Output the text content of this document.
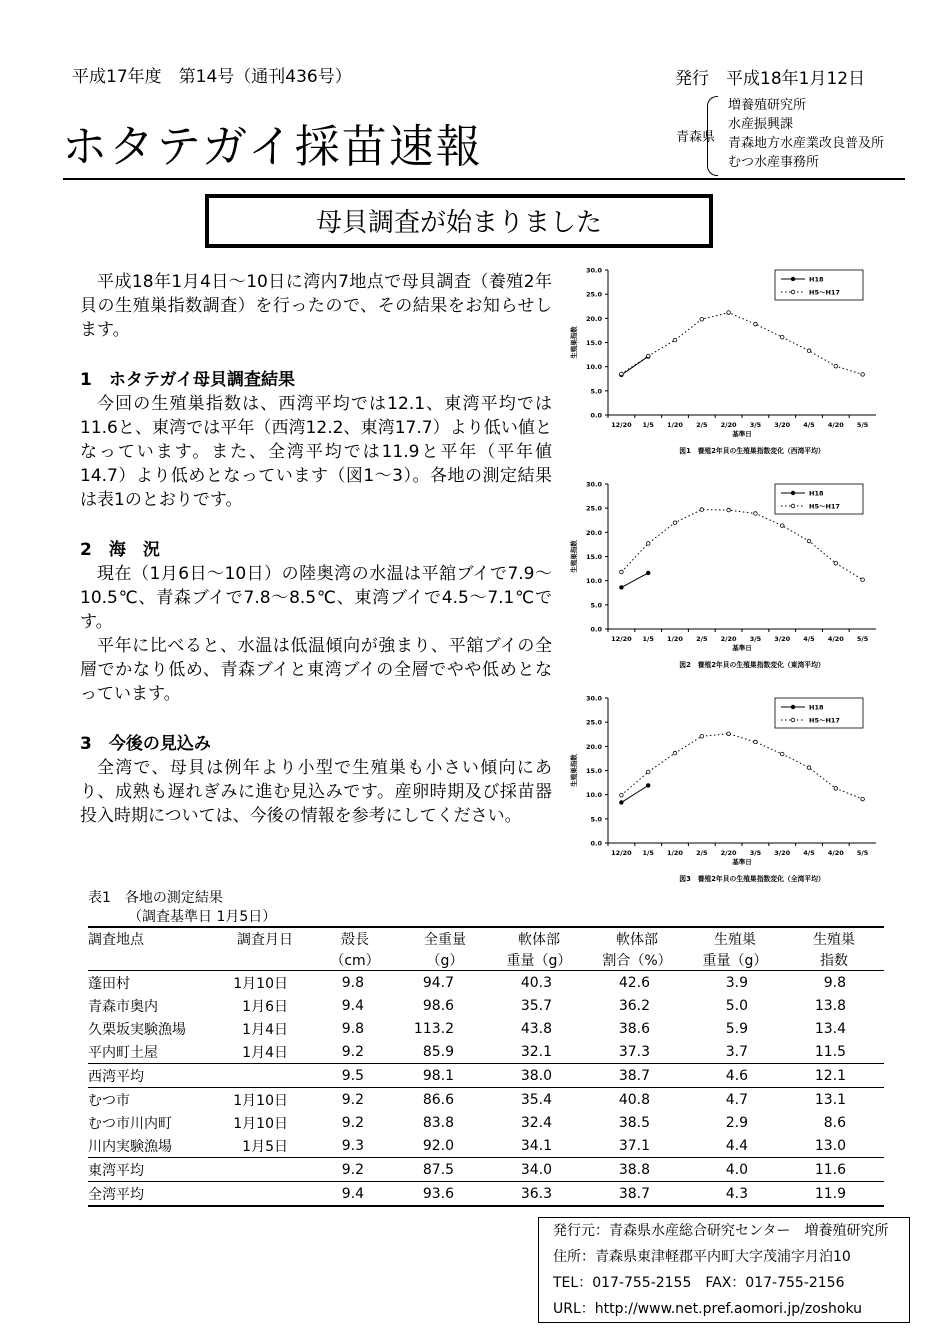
平成17年度　第14号（通刊436号）	発行　平成18年1月12日
ホタテガイ採苗速報	青森県
増養殖研究所
水産振興課
青森地方水産業改良普及所
むつ水産事務所
母貝調査が始まりました

平成18年1月4日～10日に湾内7地点で母貝調査（養殖2年貝の生殖巣指数調査）を行ったので、その結果をお知らせします。

1　ホタテガイ母貝調査結果

今回の生殖巣指数は、西湾平均では12.1、東湾平均では11.6と、東湾では平年（西湾12.2、東湾17.7）より低い値となっています。また、全湾平均では11.9と平年（平年値14.7）より低めとなっています（図1～3）。各地の測定結果は表1のとおりです。

2　海　況

現在（1月6日～10日）の陸奥湾の水温は平舘ブイで7.9～10.5℃、青森ブイで7.8～8.5℃、東湾ブイで4.5～7.1℃です。

平年に比べると、水温は低温傾向が強まり、平舘ブイの全層でかなり低め、青森ブイと東湾ブイの全層でやや低めとなっています。

3　今後の見込み

全湾で、母貝は例年より小型で生殖巣も小さい傾向にあり、成熟も遅れぎみに進む見込みです。産卵時期及び採苗器投入時期については、今後の情報を参考にしてください。

0.0
5.0
10.0
15.0
20.0
25.0
30.0
12/20 1/5 1/20 2/5 2/20 3/5 3/20 4/5 4/20 5/5
基準日
生殖巣指数
H18
H5～H17
図1　養殖2年貝の生殖巣指数変化（西湾平均）
0.0
5.0
10.0
15.0
20.0
25.0
30.0
12/20 1/5 1/20 2/5 2/20 3/5 3/20 4/5 4/20 5/5
基準日
生殖巣指数
H18
H5～H17
図2　養殖2年貝の生殖巣指数変化（東湾平均）
0.0
5.0
10.0
15.0
20.0
25.0
30.0
12/20 1/5 1/20 2/5 2/20 3/5 3/20 4/5 4/20 5/5
基準日
生殖巣指数
H18
H5～H17
図3　養殖2年貝の生殖巣指数変化（全湾平均）
表1　各地の測定結果
（調査基準日 1月5日）
調査地点	調査月日	殻長	全重量	軟体部	軟体部	生殖巣	生殖巣
		（cm）	（g）	重量（g）	割合（%）	重量（g）	指数
蓬田村	1月10日	9.8	94.7	40.3	42.6	3.9	9.8
青森市奥内	1月6日	9.4	98.6	35.7	36.2	5.0	13.8
久栗坂実験漁場	1月4日	9.8	113.2	43.8	38.6	5.9	13.4
平内町土屋	1月4日	9.2	85.9	32.1	37.3	3.7	11.5
西湾平均		9.5	98.1	38.0	38.7	4.6	12.1
むつ市	1月10日	9.2	86.6	35.4	40.8	4.7	13.1
むつ市川内町	1月10日	9.2	83.8	32.4	38.5	2.9	8.6
川内実験漁場	1月5日	9.3	92.0	34.1	37.1	4.4	13.0
東湾平均		9.2	87.5	34.0	38.8	4.0	11.6
全湾平均		9.4	93.6	36.3	38.7	4.3	11.9
発行元：青森県水産総合研究センター　増養殖研究所
住所：青森県東津軽郡平内町大字茂浦字月泊10
TEL：017-755-2155　FAX：017-755-2156
URL：http://www.net.pref.aomori.jp/zoshoku
